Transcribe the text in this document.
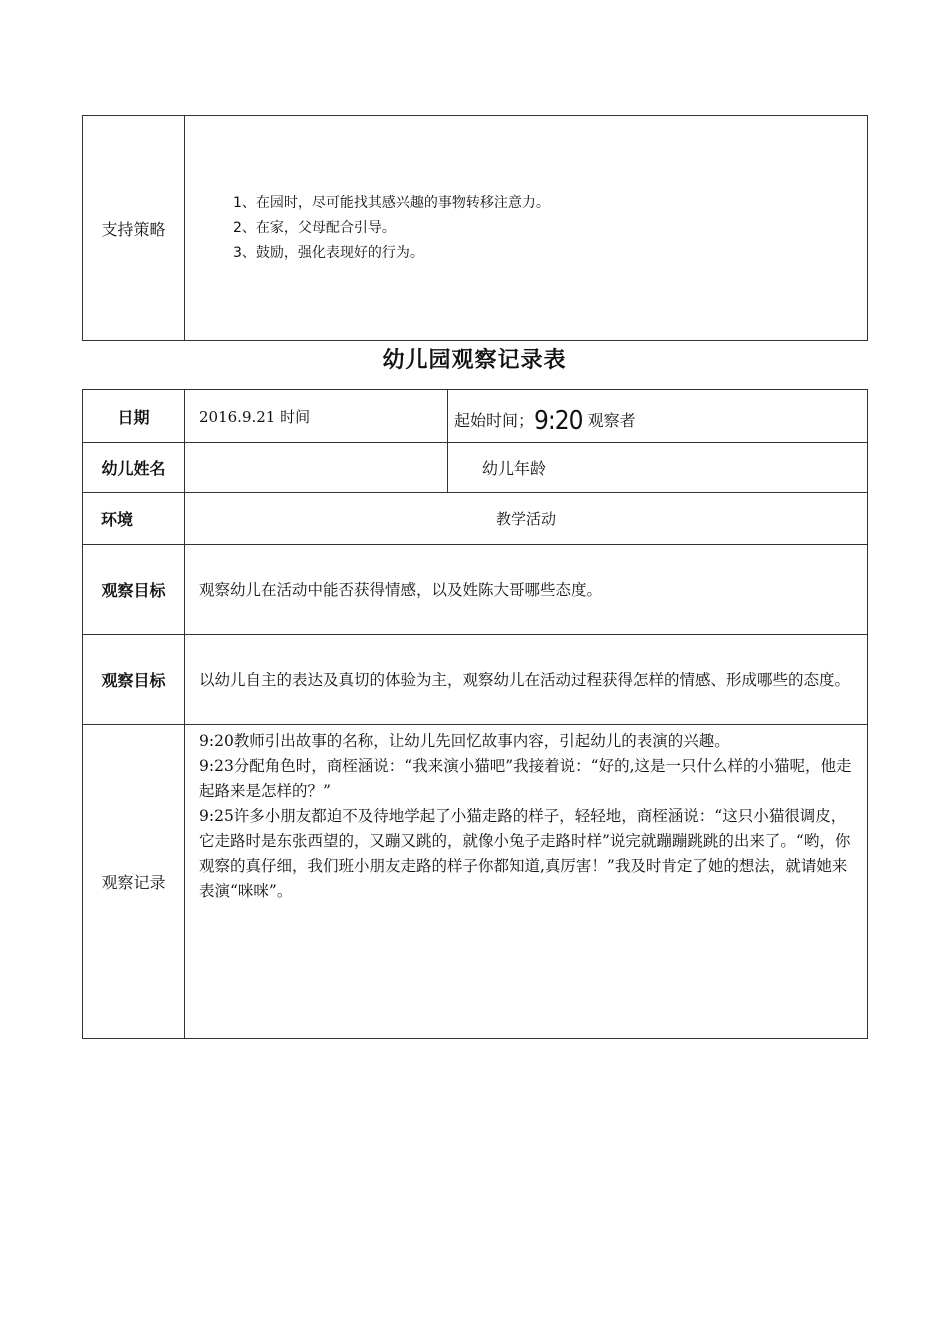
支持策略	
1、在园时，尽可能找其感兴趣的事物转移注意力。
2、在家，父母配合引导。
3、鼓励，强化表现好的行为。
幼儿园观察记录表
日期	2016.9.21 时间	起始时间；9:20 观察者
幼儿姓名		幼儿年龄
环境	教学活动	
观察目标	观察幼儿在活动中能否获得情感，以及姓陈大哥哪些态度。	
观察目标	以幼儿自主的表达及真切的体验为主，观察幼儿在活动过程获得怎样的情感、形成哪些的态度。	
观察记录	9:20教师引出故事的名称，让幼儿先回忆故事内容，引起幼儿的表演的兴趣。

9:23分配角色时，商桎涵说：“我来演小猫吧”我接着说：“好的,这是一只什么样的小猫呢，他走起路来是怎样的？”

9:25许多小朋友都迫不及待地学起了小猫走路的样子，轻轻地，商桎涵说：“这只小猫很调皮，它走路时是东张西望的，又蹦又跳的，就像小兔子走路时样”说完就蹦蹦跳跳的出来了。“哟，你观察的真仔细，我们班小朋友走路的样子你都知道,真厉害！”我及时肯定了她的想法，就请她来表演“咪咪”。	
